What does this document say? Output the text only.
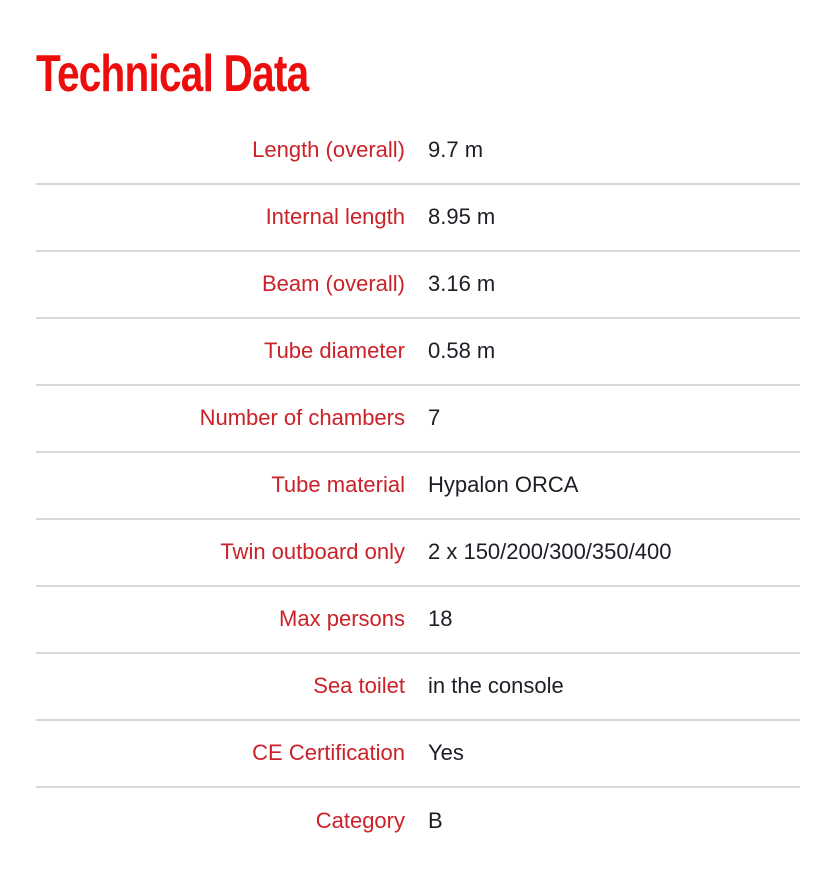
Technical Data
Length (overall)	9.7 m
Internal length	8.95 m
Beam (overall)	3.16 m
Tube diameter	0.58 m
Number of chambers	7
Tube material	Hypalon ORCA
Twin outboard only	2 x 150/200/300/350/400
Max persons	18
Sea toilet	in the console
CE Certification	Yes
Category	B
